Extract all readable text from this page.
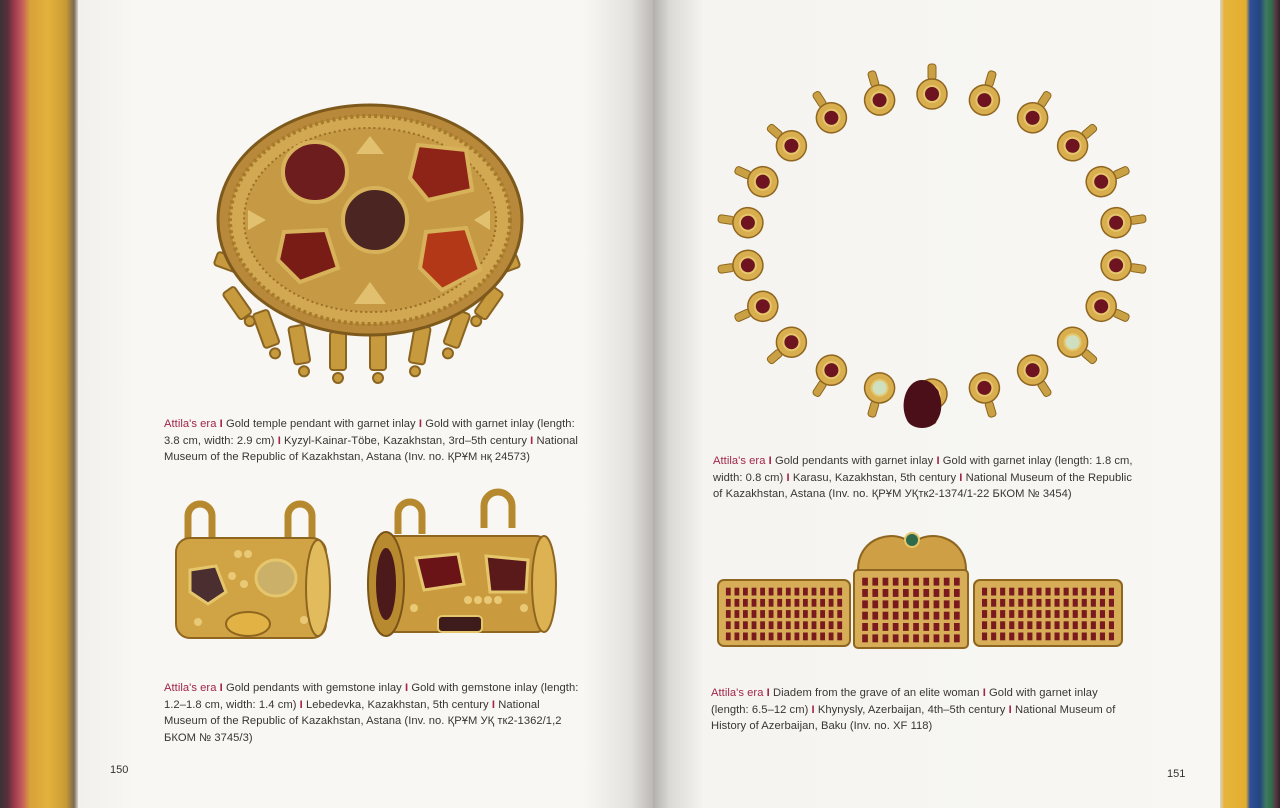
Attila's era I Gold temple pendant with garnet inlay I Gold with garnet inlay (length: 3.8 cm, width: 2.9 cm) I Kyzyl-Kainar-Töbe, Kazakhstan, 3rd–5th century I National Museum of the Republic of Kazakhstan, Astana (Inv. no. ҚРҰМ нқ 24573)
Attila's era I Gold pendants with gemstone inlay I Gold with gemstone inlay (length: 1.2–1.8 cm, width: 1.4 cm) I Lebedevka, Kazakhstan, 5th century I National Museum of the Republic of Kazakhstan, Astana (Inv. no. ҚРҰМ УҚ тк2-1362/1,2 БКОМ № 3745/3)
150
Attila's era I Gold pendants with garnet inlay I Gold with garnet inlay (length: 1.8 cm, width: 0.8 cm) I Karasu, Kazakhstan, 5th century I National Museum of the Republic of Kazakhstan, Astana (Inv. no. ҚРҰМ УҚтк2-1374/1-22 БКОМ № 3454)
Attila's era I Diadem from the grave of an elite woman I Gold with garnet inlay (length: 6.5–12 cm) I Khynysly, Azerbaijan, 4th–5th century I National Museum of History of Azerbaijan, Baku (Inv. no. XF 118)
151
